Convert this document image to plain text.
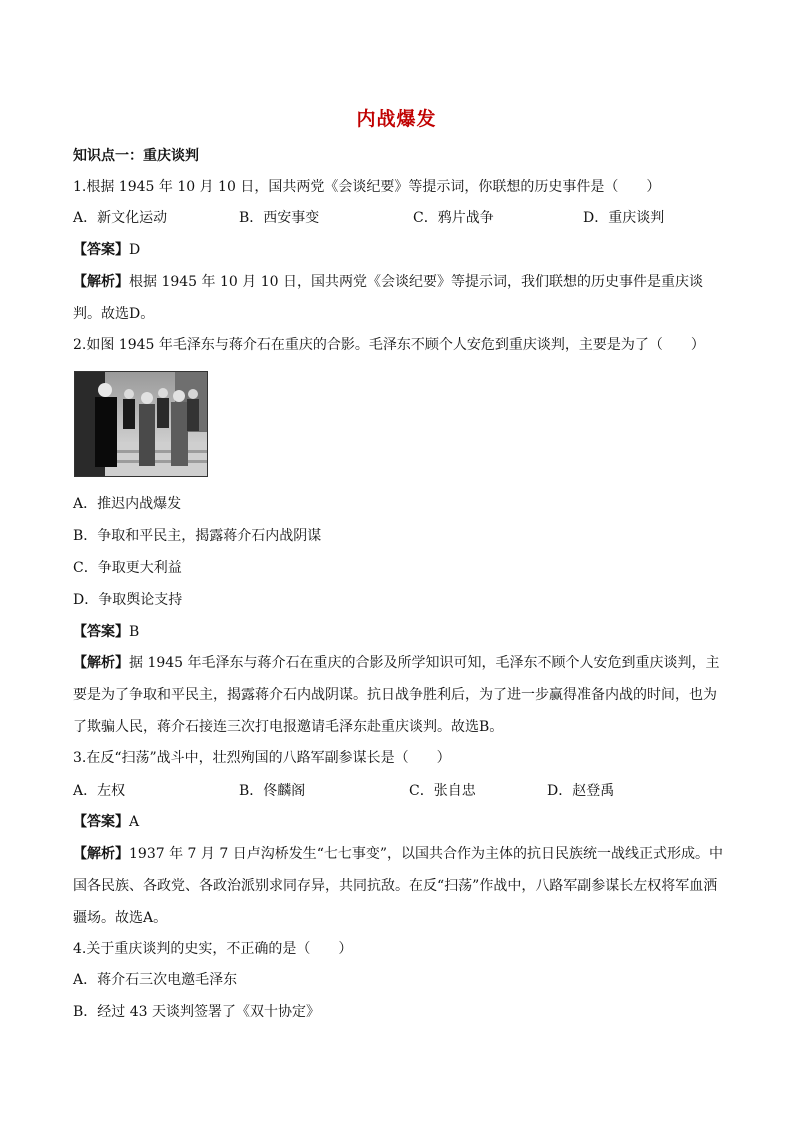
内战爆发
知识点一：重庆谈判
1.根据 1945 年 10 月 10 日，国共两党《会谈纪要》等提示词，你联想的历史事件是（　　）
A．新文化运动	B．西安事变	C．鸦片战争	D．重庆谈判
【答案】D
【解析】根据 1945 年 10 月 10 日，国共两党《会谈纪要》等提示词，我们联想的历史事件是重庆谈判。故选D。
2.如图 1945 年毛泽东与蒋介石在重庆的合影。毛泽东不顾个人安危到重庆谈判，主要是为了（　　）
A．推迟内战爆发
B．争取和平民主，揭露蒋介石内战阴谋
C．争取更大利益
D．争取舆论支持
【答案】B
【解析】据 1945 年毛泽东与蒋介石在重庆的合影及所学知识可知，毛泽东不顾个人安危到重庆谈判，主要是为了争取和平民主，揭露蒋介石内战阴谋。抗日战争胜利后，为了进一步赢得准备内战的时间，也为了欺骗人民，蒋介石接连三次打电报邀请毛泽东赴重庆谈判。故选B。
3.在反“扫荡”战斗中，壮烈殉国的八路军副参谋长是（　　）
A．左权	B．佟麟阁	C．张自忠	D．赵登禹
【答案】A
【解析】1937 年 7 月 7 日卢沟桥发生“七七事变”，以国共合作为主体的抗日民族统一战线正式形成。中国各民族、各政党、各政治派别求同存异，共同抗敌。在反“扫荡”作战中，八路军副参谋长左权将军血洒疆场。故选A。
4.关于重庆谈判的史实，不正确的是（　　）
A．蒋介石三次电邀毛泽东
B．经过 43 天谈判签署了《双十协定》
